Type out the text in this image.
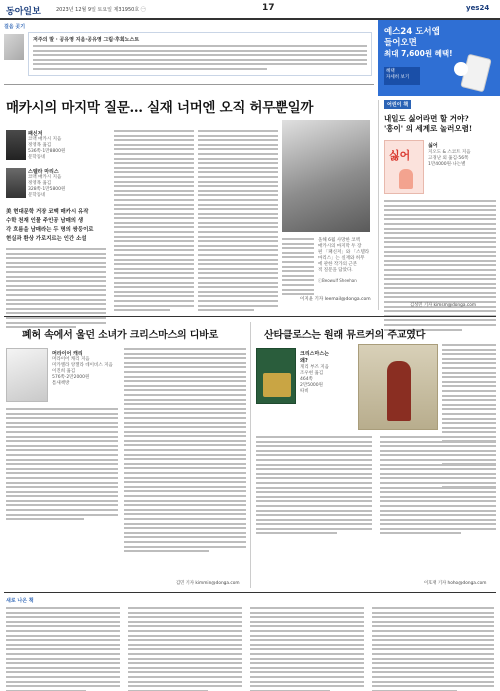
동아일보	2023년 12월 9일 토요일 제31950호 ㊀	17	yes24
걸음 곳기
저주의 말 · 공유영 지음·공유영 그림·후회노스트
예스24 도서앱
들어오면
최대 7,600원 혜택!
혜택
자세히 보기
매카시의 마지막 질문… 실재 너머엔 오직 허무뿐일까
패신저
코맥 매카시 지음
정영목 옮김
536쪽·1만8800원
문학동네
스텔라 마리스
코맥 매카시 지음
정영목 옮김
328쪽·1만5800원
문학동네
美 현대문학 거장 코맥 매카시 유작
수학 천재 인물 주인공 남매의 생
각 흐름을 남매라는 두 명의 쌍둥이로
현실과 환상 가로지르는 인간 소설	올해 6월 사망한 코맥
매카시의 마지막 두 장
편 「패신저」와 「스텔라
마리스」는 실재와 허무
에 관한 작가의 근본
적 질문을 담았다.
ⓒBeowulf Sheehan
이지윤 기자 leemail@donga.com
어린이 책
내일도 싫어라면 할 거야?
'흥이' 의 세계로 놀러오렴!
싫어
싫어
지오도 & 스코트 지음
고경난 외 옮김·56쪽
1만4000원·나는별
김성민 기자 kimsm@donga.com
폐허 속에서 울던 소녀가 크리스마스의 디바로
머라이어 캐리
머라이어 캐리 지음
미카엘라 앙젤라 데이비스 지음
이진희 옮김
576쪽·2만2000원
틈새책방
김민 기자 kimmin@donga.com
산타클로스는 원래 뮤르커의 주교였다
크리스마스는
왜?
게리 부즈 지음
조우현 옮김
464쪽
2만5000원
따비
이호재 기자 hoho@donga.com
새로 나온 책
